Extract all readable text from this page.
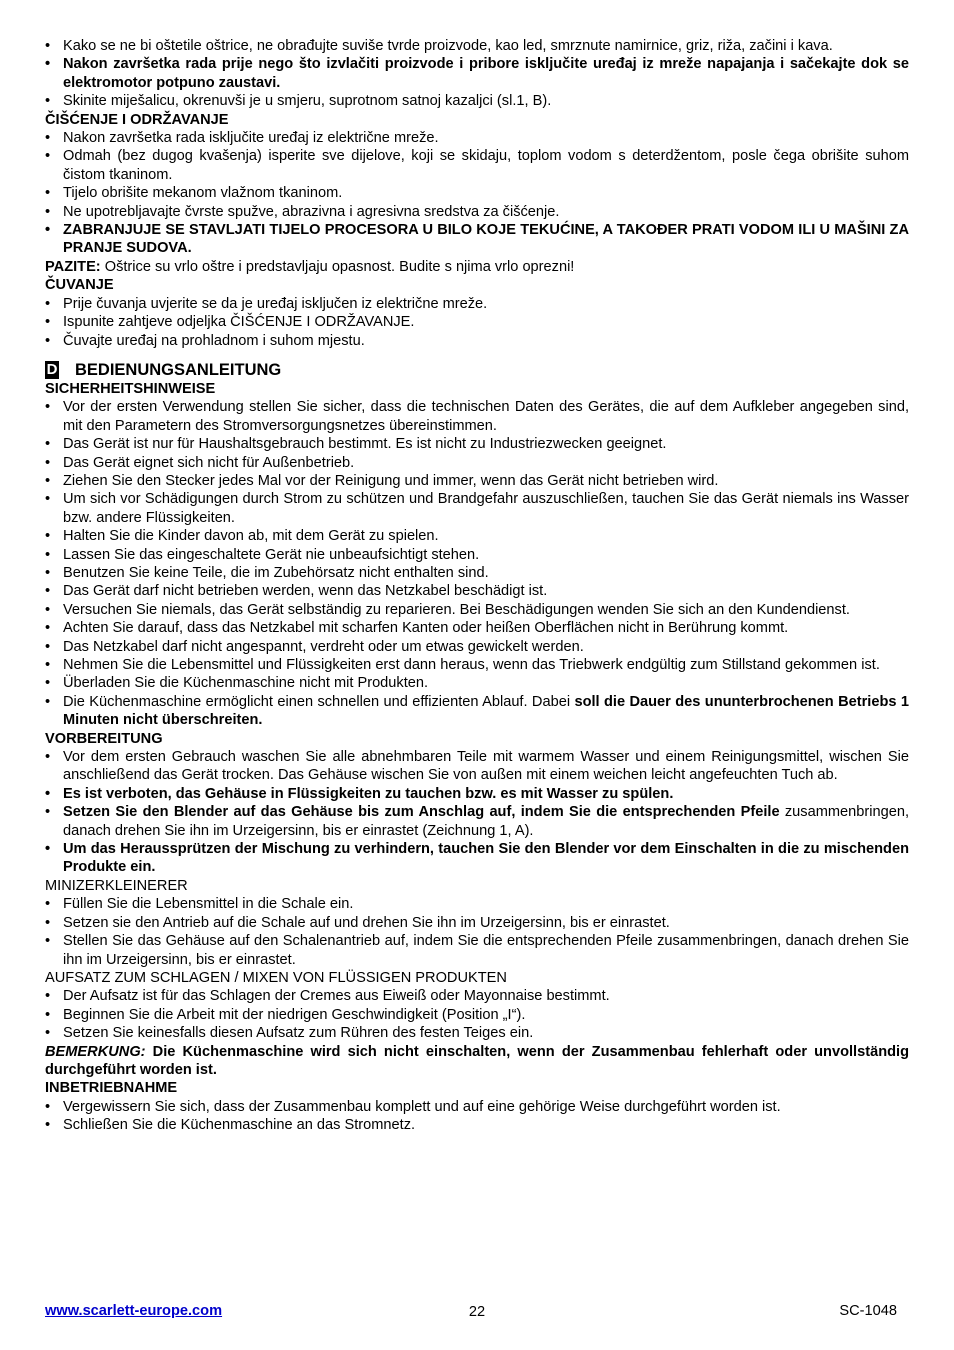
• Kako se ne bi oštetile oštrice, ne obrađujte suviše tvrde proizvode, kao led, smrznute namirnice, griz, riža, začini i kava.
• Nakon završetka rada prije nego što izvlačiti proizvode i pribore isključite uređaj iz mreže napajanja i sačekajte dok se elektromotor potpuno zaustavi.
• Skinite miješalicu, okrenuvši je u smjeru, suprotnom satnoj kazaljci (sl.1, B).

ČIŠĆENJE I ODRŽAVANJE

• Nakon završetka rada isključite uređaj iz električne mreže.
• Odmah (bez dugog kvašenja) isperite sve dijelove, koji se skidaju, toplom vodom s deterdžentom, posle čega obrišite suhom čistom tkaninom.
• Tijelo obrišite mekanom vlažnom tkaninom.
• Ne upotrebljavajte čvrste spužve, abrazivna i agresivna sredstva za čišćenje.
• ZABRANJUJE SE STAVLJATI TIJELO PROCESORA U BILO KOJE TEKUĆINE, A TAKOĐER PRATI VODOM ILI U MAŠINI ZA PRANJE SUDOVA.

PAZITE: Oštrice su vrlo oštre i predstavljaju opasnost. Budite s njima vrlo oprezni!

ČUVANJE

• Prije čuvanja uvjerite se da je uređaj isključen iz električne mreže.
• Ispunite zahtjeve odjeljka ČIŠĆENJE I ODRŽAVANJE.
• Čuvajte uređaj na prohladnom i suhom mjestu.
D BEDIENUNGSANLEITUNG

SICHERHEITSHINWEISE

• Vor der ersten Verwendung stellen Sie sicher, dass die technischen Daten des Gerätes, die auf dem Aufkleber angegeben sind, mit den Parametern des Stromversorgungsnetzes übereinstimmen.
• Das Gerät ist nur für Haushaltsgebrauch bestimmt. Es ist nicht zu Industriezwecken geeignet.
• Das Gerät eignet sich nicht für Außenbetrieb.
• Ziehen Sie den Stecker jedes Mal vor der Reinigung und immer, wenn das Gerät nicht betrieben wird.
• Um sich vor Schädigungen durch Strom zu schützen und Brandgefahr auszuschließen, tauchen Sie das Gerät niemals ins Wasser bzw. andere Flüssigkeiten.
• Halten Sie die Kinder davon ab, mit dem Gerät zu spielen.
• Lassen Sie das eingeschaltete Gerät nie unbeaufsichtigt stehen.
• Benutzen Sie keine Teile, die im Zubehörsatz nicht enthalten sind.
• Das Gerät darf nicht betrieben werden, wenn das Netzkabel beschädigt ist.
• Versuchen Sie niemals, das Gerät selbständig zu reparieren. Bei Beschädigungen wenden Sie sich an den Kundendienst.
• Achten Sie darauf, dass das Netzkabel mit scharfen Kanten oder heißen Oberflächen nicht in Berührung kommt.
• Das Netzkabel darf nicht angespannt, verdreht oder um etwas gewickelt werden.
• Nehmen Sie die Lebensmittel und Flüssigkeiten erst dann heraus, wenn das Triebwerk endgültig zum Stillstand gekommen ist.
• Überladen Sie die Küchenmaschine nicht mit Produkten.
• Die Küchenmaschine ermöglicht einen schnellen und effizienten Ablauf. Dabei soll die Dauer des ununterbrochenen Betriebs 1 Minuten nicht überschreiten.

VORBEREITUNG

• Vor dem ersten Gebrauch waschen Sie alle abnehmbaren Teile mit warmem Wasser und einem Reinigungsmittel, wischen Sie anschließend das Gerät trocken. Das Gehäuse wischen Sie von außen mit einem weichen leicht angefeuchten Tuch ab.
• Es ist verboten, das Gehäuse in Flüssigkeiten zu tauchen bzw. es mit Wasser zu spülen.
• Setzen Sie den Blender auf das Gehäuse bis zum Anschlag auf, indem Sie die entsprechenden Pfeile zusammenbringen, danach drehen Sie ihn im Urzeigersinn, bis er einrastet (Zeichnung 1, A).
• Um das Heraussprützen der Mischung zu verhindern, tauchen Sie den Blender vor dem Einschalten in die zu mischenden Produkte ein.

MINIZERKLEINERER

• Füllen Sie die Lebensmittel in die Schale ein.
• Setzen sie den Antrieb auf die Schale auf und drehen Sie ihn im Urzeigersinn, bis er einrastet.
• Stellen Sie das Gehäuse auf den Schalenantrieb auf, indem Sie die entsprechenden Pfeile zusammenbringen, danach drehen Sie ihn im Urzeigersinn, bis er einrastet.

AUFSATZ ZUM SCHLAGEN / MIXEN VON FLÜSSIGEN PRODUKTEN

• Der Aufsatz ist für das Schlagen der Cremes aus Eiweiß oder Mayonnaise bestimmt.
• Beginnen Sie die Arbeit mit der niedrigen Geschwindigkeit (Position „I“).
• Setzen Sie keinesfalls diesen Aufsatz zum Rühren des festen Teiges ein.

BEMERKUNG: Die Küchenmaschine wird sich nicht einschalten, wenn der Zusammenbau fehlerhaft oder unvollständig durchgeführt worden ist.

INBETRIEBNAHME

• Vergewissern Sie sich, dass der Zusammenbau komplett und auf eine gehörige Weise durchgeführt worden ist.
• Schließen Sie die Küchenmaschine an das Stromnetz.
www.scarlett-europe.com	22	SC-1048
